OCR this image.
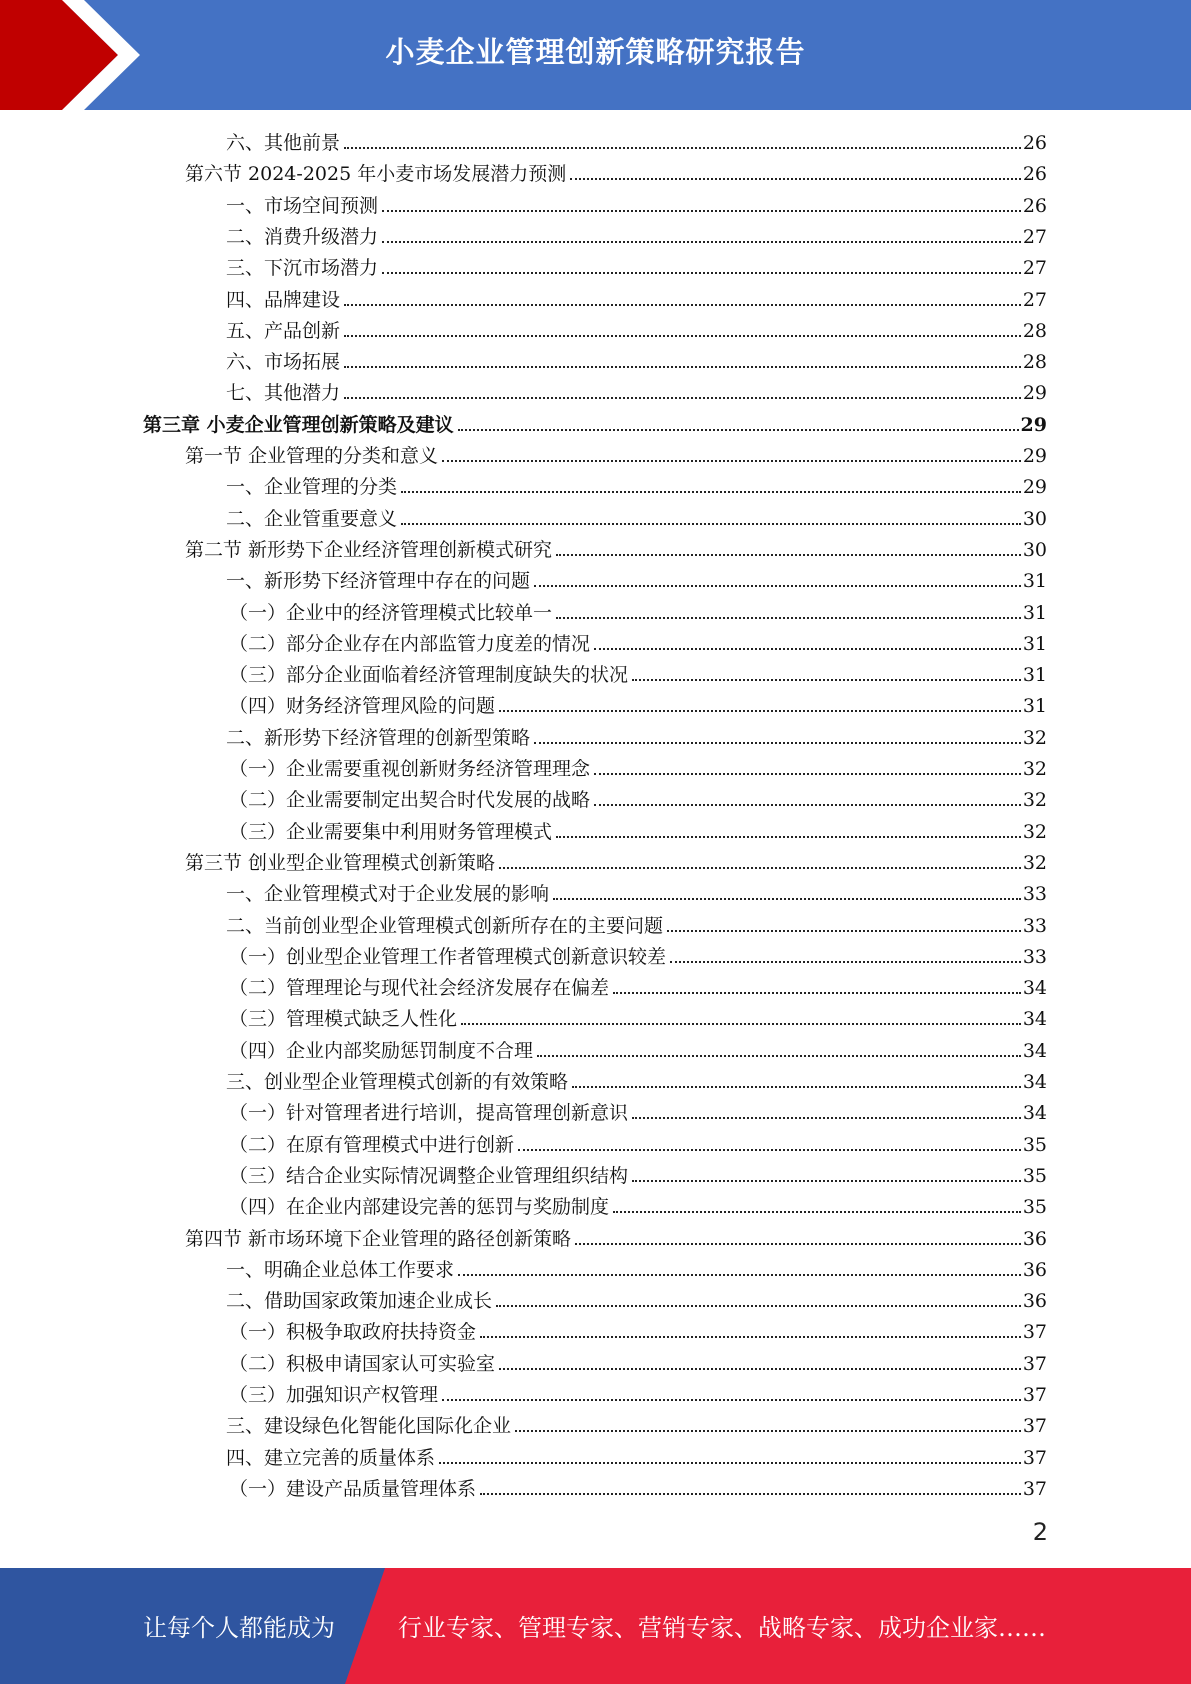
小麦企业管理创新策略研究报告
六、其他前景	26
第六节 2024-2025 年小麦市场发展潜力预测	26
一、市场空间预测	26
二、消费升级潜力	27
三、下沉市场潜力	27
四、品牌建设	27
五、产品创新	28
六、市场拓展	28
七、其他潜力	29
第三章 小麦企业管理创新策略及建议	29
第一节 企业管理的分类和意义	29
一、企业管理的分类	29
二、企业管重要意义	30
第二节 新形势下企业经济管理创新模式研究	30
一、新形势下经济管理中存在的问题	31
（一）企业中的经济管理模式比较单一	31
（二）部分企业存在内部监管力度差的情况	31
（三）部分企业面临着经济管理制度缺失的状况	31
（四）财务经济管理风险的问题	31
二、新形势下经济管理的创新型策略	32
（一）企业需要重视创新财务经济管理理念	32
（二）企业需要制定出契合时代发展的战略	32
（三）企业需要集中利用财务管理模式	32
第三节 创业型企业管理模式创新策略	32
一、企业管理模式对于企业发展的影响	33
二、当前创业型企业管理模式创新所存在的主要问题	33
（一）创业型企业管理工作者管理模式创新意识较差	33
（二）管理理论与现代社会经济发展存在偏差	34
（三）管理模式缺乏人性化	34
（四）企业内部奖励惩罚制度不合理	34
三、创业型企业管理模式创新的有效策略	34
（一）针对管理者进行培训，提高管理创新意识	34
（二）在原有管理模式中进行创新	35
（三）结合企业实际情况调整企业管理组织结构	35
（四）在企业内部建设完善的惩罚与奖励制度	35
第四节 新市场环境下企业管理的路径创新策略	36
一、明确企业总体工作要求	36
二、借助国家政策加速企业成长	36
（一）积极争取政府扶持资金	37
（二）积极申请国家认可实验室	37
（三）加强知识产权管理	37
三、建设绿色化智能化国际化企业	37
四、建立完善的质量体系	37
（一）建设产品质量管理体系	37
2
让每个人都能成为	行业专家、管理专家、营销专家、战略专家、成功企业家……
